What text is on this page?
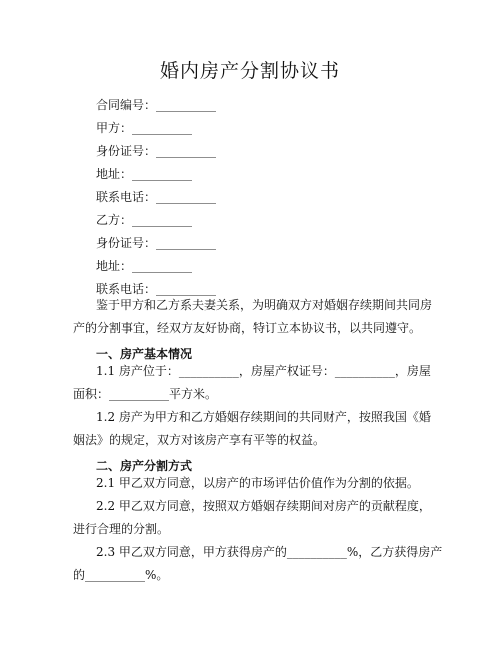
婚内房产分割协议书
合同编号：__________
甲方：__________
身份证号：__________
地址：__________
联系电话：__________
乙方：__________
身份证号：__________
地址：__________
联系电话：__________
鉴于甲方和乙方系夫妻关系，为明确双方对婚姻存续期间共同房
产的分割事宜，经双方友好协商，特订立本协议书，以共同遵守。
一、房产基本情况
1.1 房产位于：__________，房屋产权证号：__________，房屋
面积：__________平方米。
1.2 房产为甲方和乙方婚姻存续期间的共同财产，按照我国《婚
姻法》的规定，双方对该房产享有平等的权益。
二、房产分割方式
2.1 甲乙双方同意，以房产的市场评估价值作为分割的依据。
2.2 甲乙双方同意，按照双方婚姻存续期间对房产的贡献程度，
进行合理的分割。
2.3 甲乙双方同意，甲方获得房产的__________%，乙方获得房产
的__________%。
